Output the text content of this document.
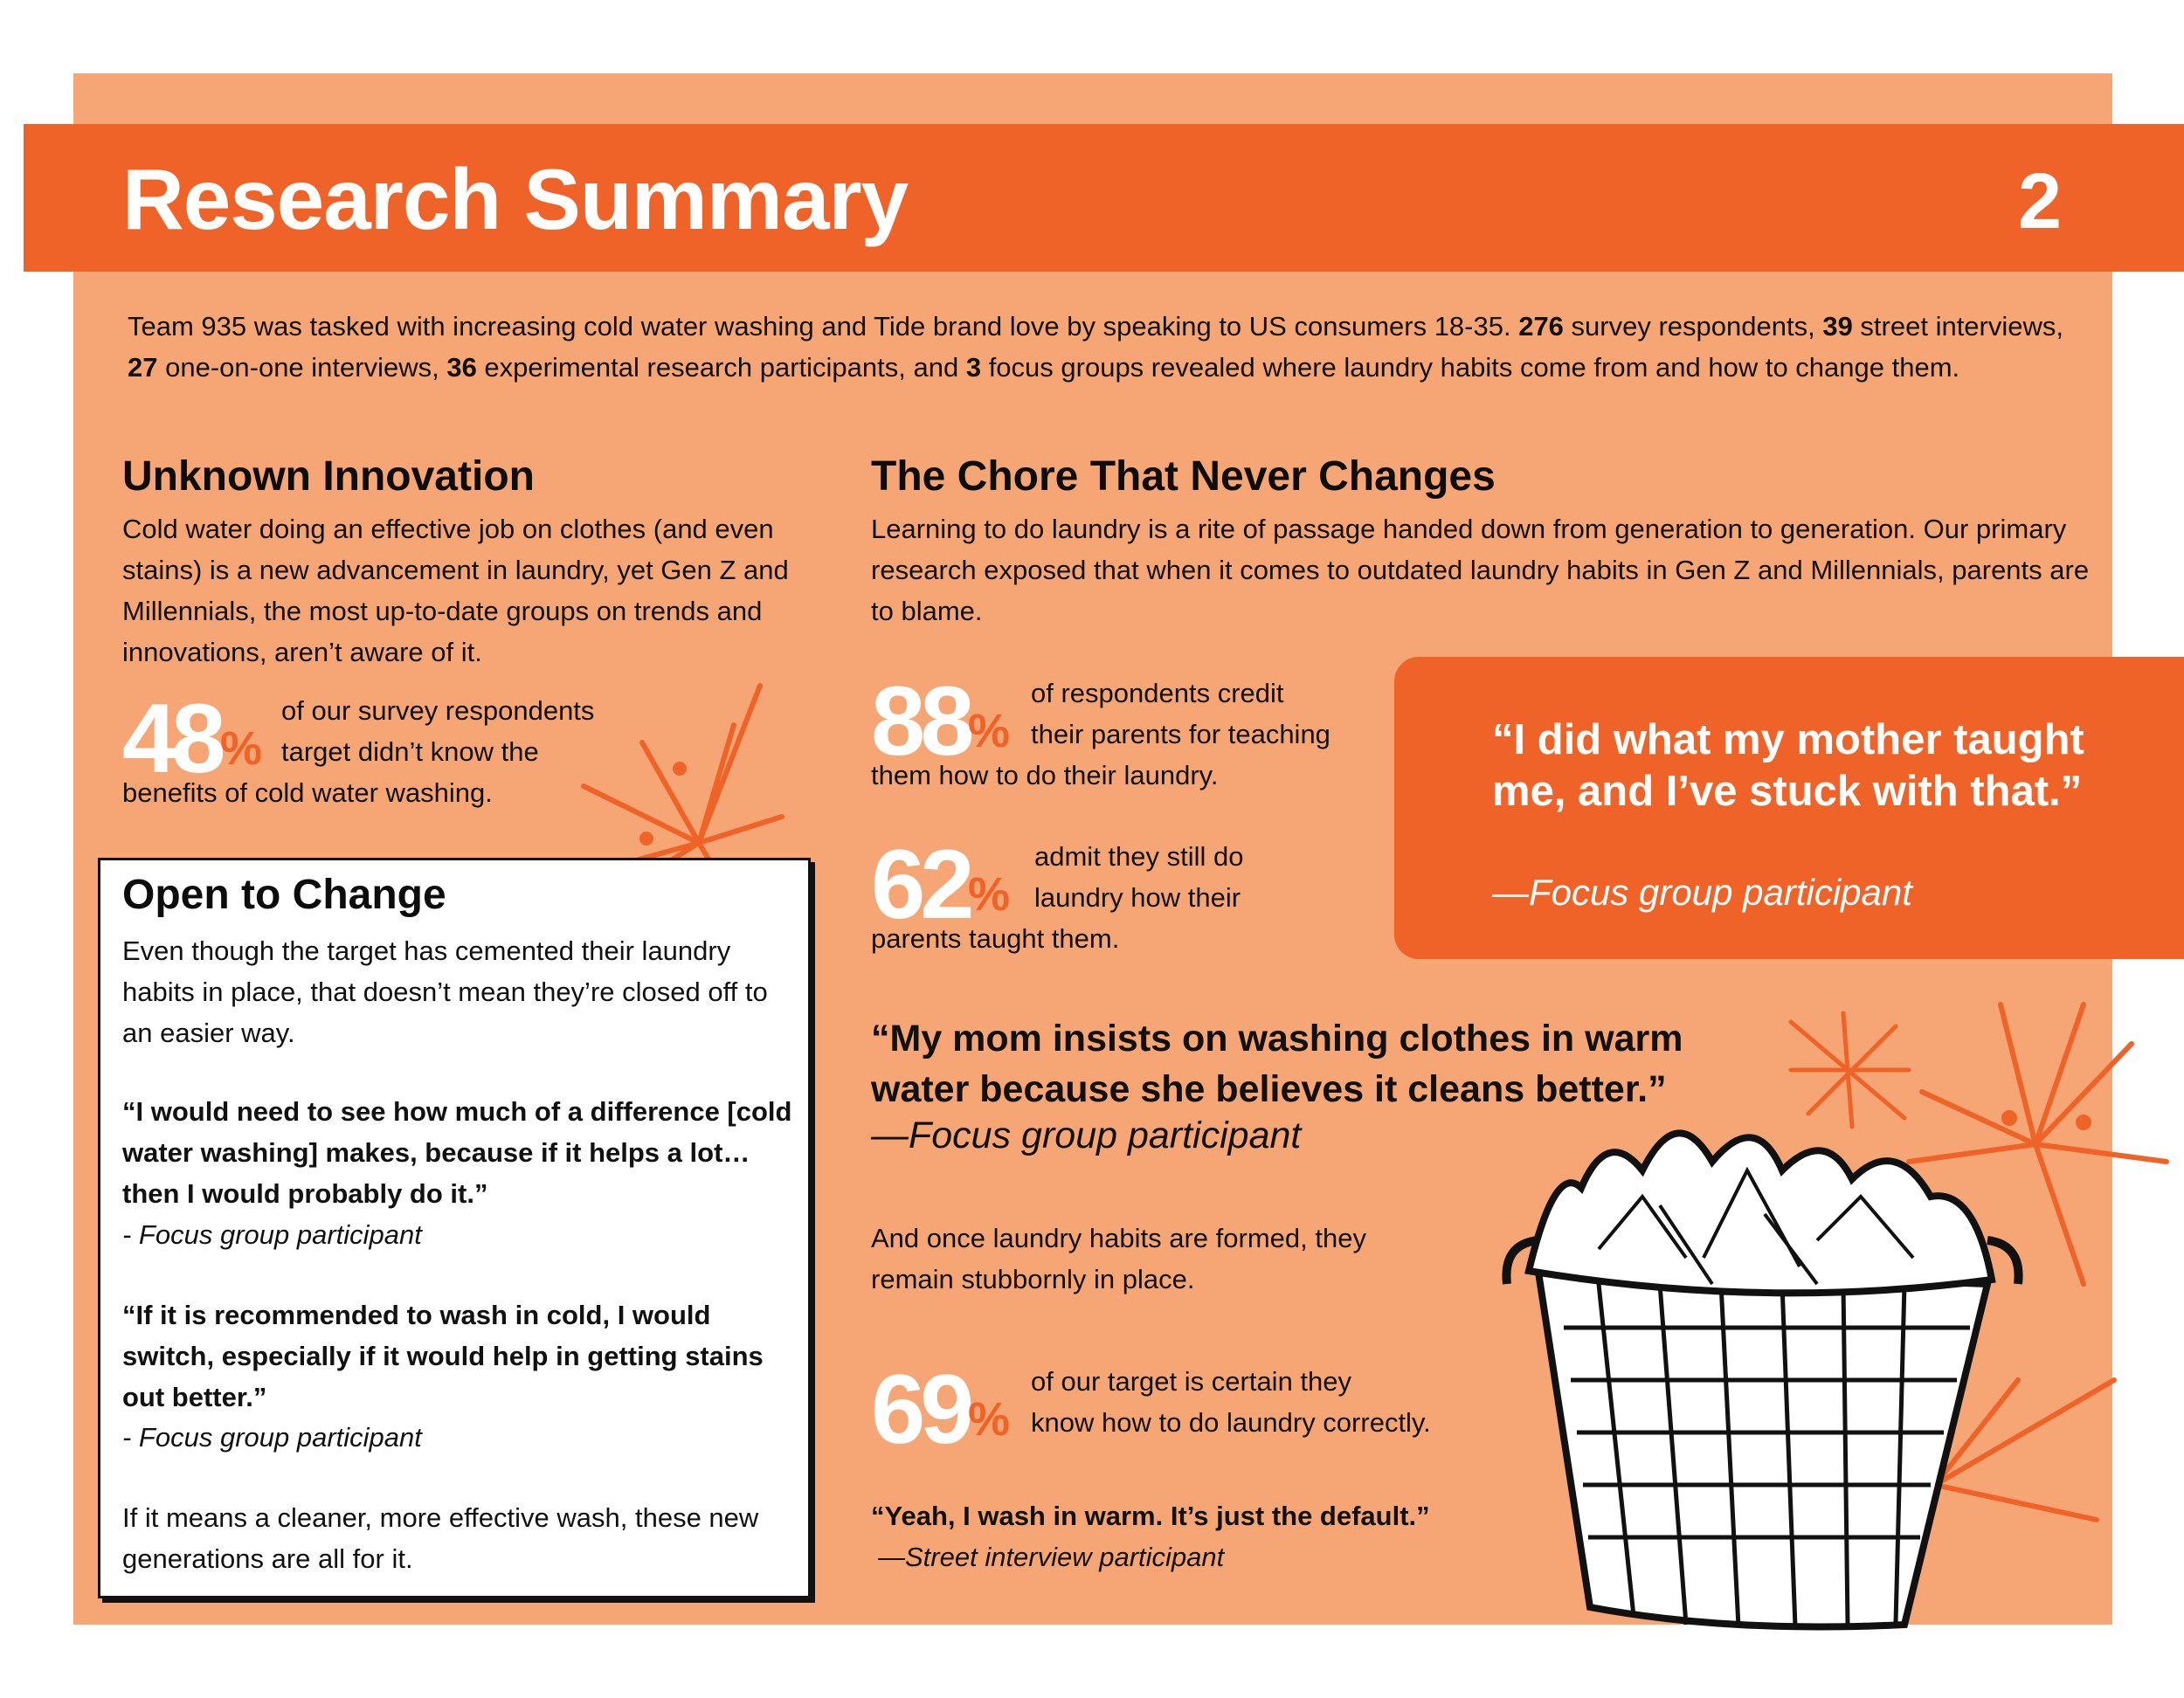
Research Summary	2
Team 935 was tasked with increasing cold water washing and Tide brand love by speaking to US consumers 18-35. 276 survey respondents, 39 street interviews, 27 one-on-one interviews, 36 experimental research participants, and 3 focus groups revealed where laundry habits come from and how to change them.
Unknown Innovation
Cold water doing an effective job on clothes (and even stains) is a new advancement in laundry, yet Gen Z and Millennials, the most up-to-date groups on trends and innovations, aren’t aware of it.
48 %
of our survey respondents
target didn’t know the
benefits of cold water washing.
Open to Change
Even though the target has cemented their laundry habits in place, that doesn’t mean they’re closed off to an easier way.
“I would need to see how much of a difference [cold water washing] makes, because if it helps a lot… then I would probably do it.”
- Focus group participant
“If it is recommended to wash in cold, I would switch, especially if it would help in getting stains out better.”
- Focus group participant
If it means a cleaner, more effective wash, these new generations are all for it.
The Chore That Never Changes
Learning to do laundry is a rite of passage handed down from generation to generation. Our primary research exposed that when it comes to outdated laundry habits in Gen Z and Millennials, parents are to blame.
88
%
of respondents credit
their parents for teaching
them how to do their laundry.
62
%
admit they still do
laundry how their
parents taught them.
“I did what my mother taught me, and I’ve stuck with that.”
—Focus group participant
“My mom insists on washing clothes in warm water because she believes it cleans better.”
—Focus group participant
And once laundry habits are formed, they remain stubbornly in place.
69
%
of our target is certain they
know how to do laundry correctly.
“Yeah, I wash in warm. It’s just the default.”
—Street interview participant
